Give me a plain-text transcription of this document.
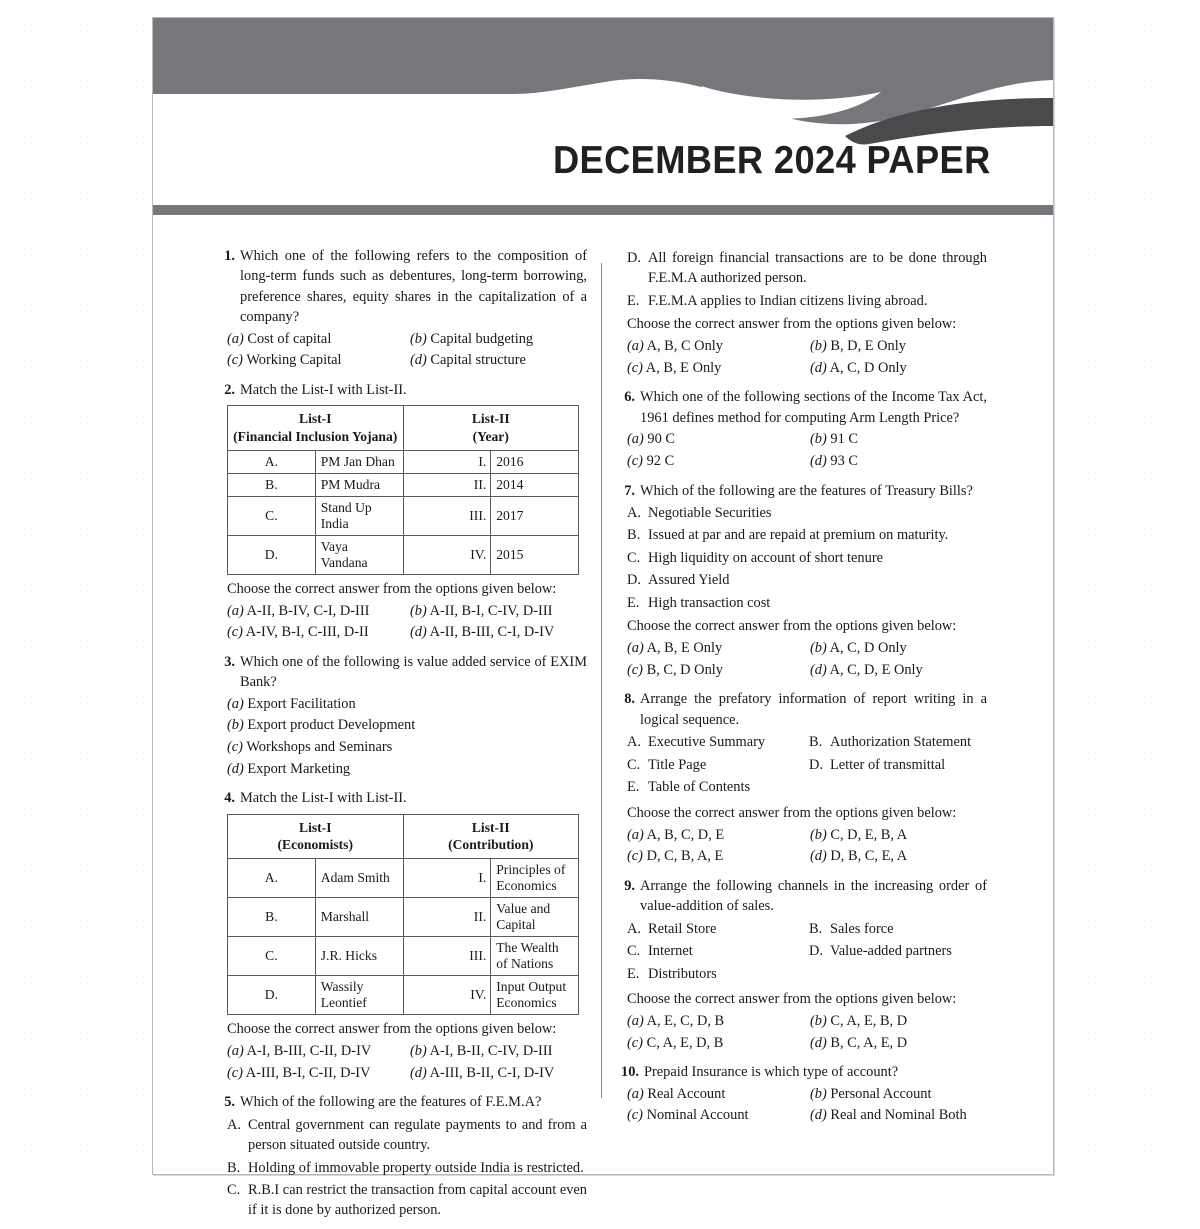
DECEMBER 2024 PAPER
1. Which one of the following refers to the composition of long-term funds such as debentures, long-term borrowing, preference shares, equity shares in the capitalization of a company?
(a) Cost of capital	(b) Capital budgeting
(c) Working Capital	(d) Capital structure
2. Match the List-I with List-II.
List-I
(Financial Inclusion Yojana)

List-II
(Year)

A.	PM Jan Dhan	I.	2016
B.	PM Mudra	II.	2014
C.	Stand Up India	III.	2017
D.	Vaya Vandana	IV.	2015
Choose the correct answer from the options given below:
(a) A-II, B-IV, C-I, D-III	(b) A-II, B-I, C-IV, D-III
(c) A-IV, B-I, C-III, D-II	(d) A-II, B-III, C-I, D-IV
3. Which one of the following is value added service of EXIM Bank?
(a) Export Facilitation
(b) Export product Development
(c) Workshops and Seminars
(d) Export Marketing
4. Match the List-I with List-II.
List-I
(Economists)

List-II
(Contribution)

A.	Adam Smith	I.	Principles of Economics
B.	Marshall	II.	Value and Capital
C.	J.R. Hicks	III.	The Wealth of Nations
D.	Wassily Leontief	IV.	Input Output Economics
Choose the correct answer from the options given below:
(a) A-I, B-III, C-II, D-IV	(b) A-I, B-II, C-IV, D-III
(c) A-III, B-I, C-II, D-IV	(d) A-III, B-II, C-I, D-IV
5. Which of the following are the features of F.E.M.A?
A. Central government can regulate payments to and from a person situated outside country.
B. Holding of immovable property outside India is restricted.
C. R.B.I can restrict the transaction from capital account even if it is done by authorized person.
D. All foreign financial transactions are to be done through F.E.M.A authorized person.
E. F.E.M.A applies to Indian citizens living abroad.
Choose the correct answer from the options given below:
(a) A, B, C Only	(b) B, D, E Only
(c) A, B, E Only	(d) A, C, D Only
6. Which one of the following sections of the Income Tax Act, 1961 defines method for computing Arm Length Price?
(a) 90 C	(b) 91 C
(c) 92 C	(d) 93 C
7. Which of the following are the features of Treasury Bills?
A. Negotiable Securities
B. Issued at par and are repaid at premium on maturity.
C. High liquidity on account of short tenure
D. Assured Yield
E. High transaction cost
Choose the correct answer from the options given below:
(a) A, B, E Only	(b) A, C, D Only
(c) B, C, D Only	(d) A, C, D, E Only
8. Arrange the prefatory information of report writing in a logical sequence.
A. Executive Summary	B. Authorization Statement
C. Title Page	D. Letter of transmittal
E. Table of Contents
Choose the correct answer from the options given below:
(a) A, B, C, D, E	(b) C, D, E, B, A
(c) D, C, B, A, E	(d) D, B, C, E, A
9. Arrange the following channels in the increasing order of value-addition of sales.
A. Retail Store	B. Sales force
C. Internet	D. Value-added partners
E. Distributors
Choose the correct answer from the options given below:
(a) A, E, C, D, B	(b) C, A, E, B, D
(c) C, A, E, D, B	(d) B, C, A, E, D
10. Prepaid Insurance is which type of account?
(a) Real Account	(b) Personal Account
(c) Nominal Account	(d) Real and Nominal Both
